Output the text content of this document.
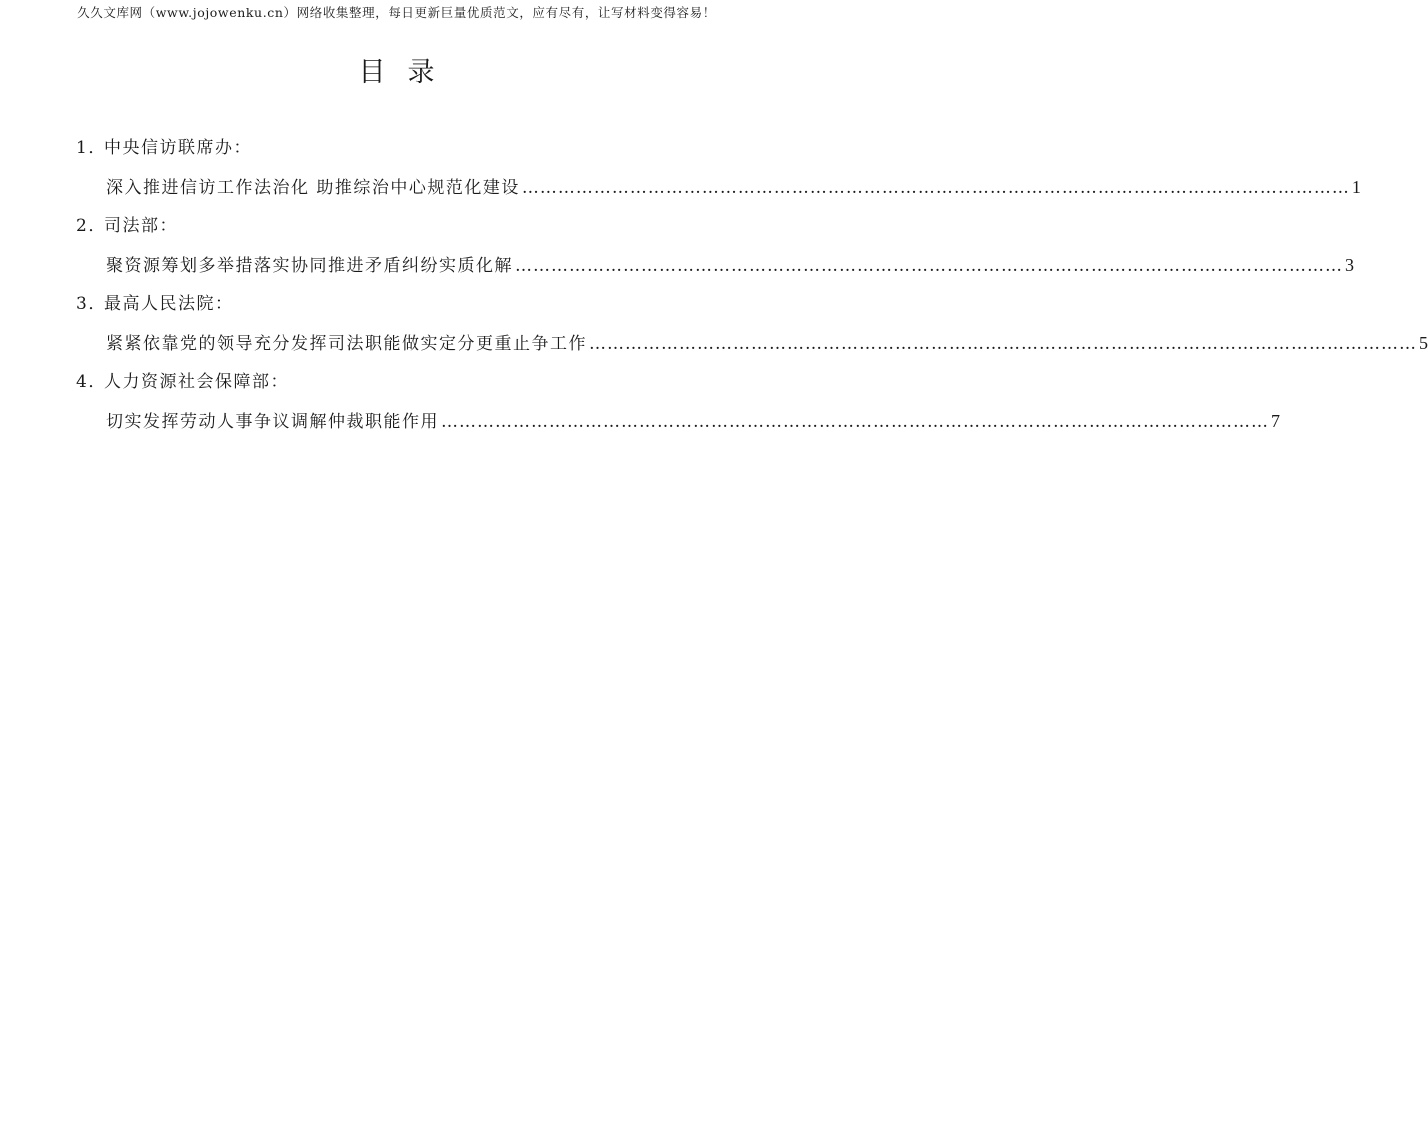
久久文库网（www.jojowenku.cn）网络收集整理，每日更新巨量优质范文，应有尽有，让写材料变得容易！
目录
1．中央信访联席办：
深入推进信访工作法治化 助推综治中心规范化建设 ………………………………………………………………………………………………………………………… 1
2．司法部：
聚资源筹划多举措落实协同推进矛盾纠纷实质化解 ………………………………………………………………………………………………………………………… 3
3．最高人民法院：
紧紧依靠党的领导充分发挥司法职能做实定分更重止争工作 ………………………………………………………………………………………………………………………… 5
4．人力资源社会保障部：
切实发挥劳动人事争议调解仲裁职能作用 ………………………………………………………………………………………………………………………… 7
